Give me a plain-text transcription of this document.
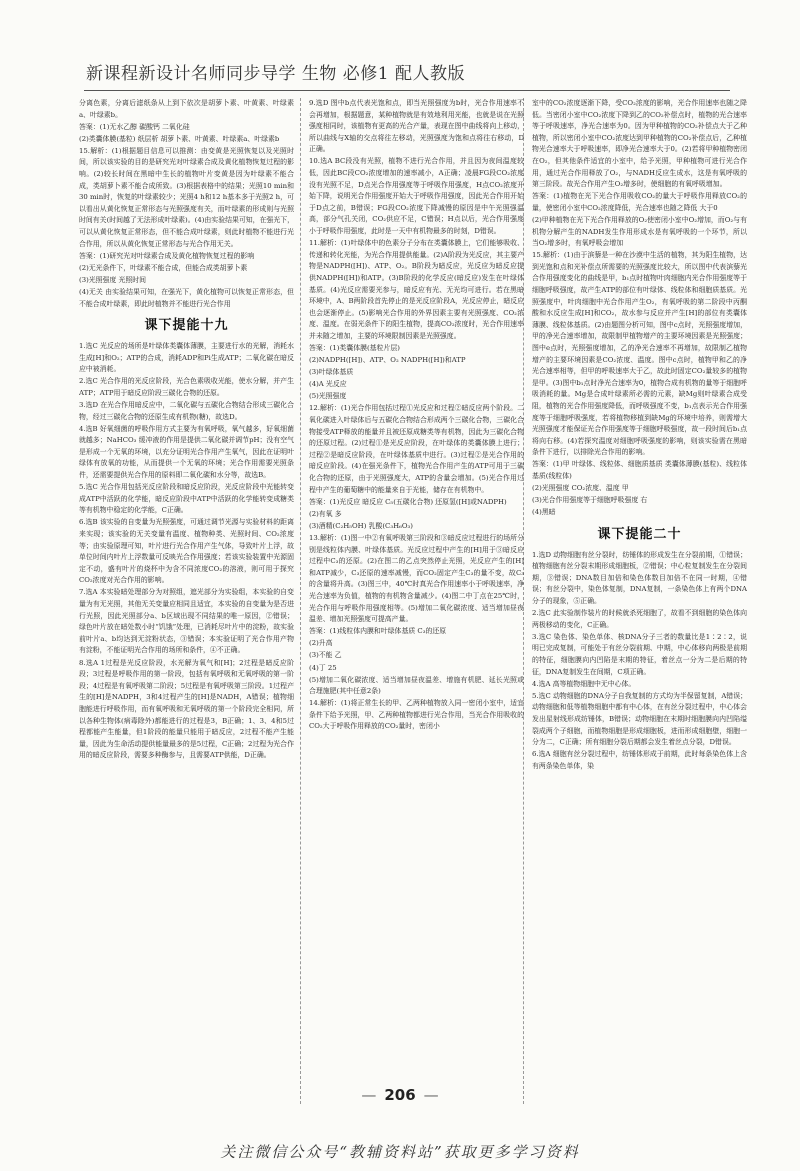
新课程新设计名师同步导学 生物 必修1 配人教版

分离色素，分离后滤纸条从上到下依次是胡萝卜素、叶黄素、叶绿素a、叶绿素b。

答案：(1)无水乙醇 碳酸钙 二氧化硅

(2)类囊体膜(基粒) 纸层析 胡萝卜素、叶黄素、叶绿素a、叶绿素b

15.解析：(1)根据题目信息可以推测：由变黄是光照恢复以及光照时间，所以该实验的目的是研究光对叶绿素合成及黄化植物恢复过程的影响。(2)较长时间在黑暗中生长的植物叶片变黄是因为叶绿素不能合成，类胡萝卜素不能合成所致。(3)根据表格中的结果；光照10 min和30 min时，恢复的叶绿素较少；光照4 h和12 h基本多于光照2 h，可以看出从黄化恢复正常形态与光照强度有关，而叶绿素的形成则与光照时间有关(时间越了无法形成叶绿素)。(4)由实验结果可知，在强光下，可以从黄化恢复正常形态，但不能合成叶绿素，则此时植物不能进行光合作用，所以从黄化恢复正常形态与光合作用无关。

答案：(1)研究光对叶绿素合成及黄化植物恢复过程的影响

(2)无光条件下，叶绿素不能合成，但能合成类胡萝卜素

(3)光照强度 光照时间

(4)无关 由实验结果可知，在强光下，黄化植物可以恢复正常形态，但不能合成叶绿素，即此时植物并不能进行光合作用

课下提能十九

1.选C 光反应的场所是叶绿体类囊体薄膜，主要进行水的光解，消耗水生成[H]和O₂；ATP的合成，消耗ADP和Pi生成ATP；二氧化碳在暗反应中被消耗。

2.选C 光合作用的光反应阶段，光合色素吸收光能，使水分解，并产生ATP；ATP用于暗反应阶段三碳化合物的还原。

3.选D 在光合作用暗反应中，二氧化碳与五碳化合物结合形成三碳化合物，经过三碳化合物的还原生成有机物(糖)，故选D。

4.选B 好氧细菌的呼吸作用方式主要为有氧呼吸，氧气越多，好氧细菌就越多；NaHCO₃ 缓冲液的作用是提供二氧化碳并调节pH；没有空气是形成一个无氧的环境，以充分证明光合作用产生氧气，因此在证明叶绿体有放氧的功能，从而提供一个无氧的环境；光合作用需要光照条件，还需要提供光合作用的原料即二氧化碳和水分等，故选B。

5.选C 光合作用包括光反应阶段和暗反应阶段，光反应阶段中光能转变成ATP中活跃的化学能，暗反应阶段中ATP中活跃的化学能转变成糖类等有机物中稳定的化学能，C正确。

6.选B 该实验的自变量为光照强度，可通过调节光源与实验材料的距离来实现；该实验的无关变量有温度、植物种类、光照时间、CO₂浓度等；由实验原理可知，叶片进行光合作用产生气体，导致叶片上浮，故单位时间内叶片上浮数量可反映光合作用强度；若该实验装置中光源固定不动，盛有叶片的烧杯中为含不同浓度CO₂的溶液，则可用于探究CO₂浓度对光合作用的影响。

7.选A 本实验暗处理部分为对照组，遮光部分为实验组，本实验的自变量为有无光照，其他无关变量应相同且适宜，本实验的自变量为是否进行光照，因此光照部分a、b区域出现不同结果的唯一原因，②错误；绿色叶片放在暗处数小时“饥饿”处理，已消耗尽叶片中的淀粉，故实验前叶片a、b均达到无淀粉状态，③错误；本实验证明了光合作用产物有淀粉，不能证明光合作用的场所和条件，④不正确。

8.选A 1过程是光反应阶段，水光解为氧气和[H]；2过程是暗反应阶段；3过程是呼吸作用的第一阶段，包括有氧呼吸和无氧呼吸的第一阶段；4过程是有氧呼吸第二阶段；5过程是有氧呼吸第三阶段。1过程产生的[H]是NADPH，3和4过程产生的[H]是NADH，A错误；植物细胞能进行呼吸作用，而有氧呼吸和无氧呼吸的第一个阶段完全相同，所以各种生物体(病毒除外)都能进行的过程是3，B正确；1、3、4和5过程都能产生能量，但1阶段的能量只能用于暗反应，2过程不能产生能量，因此为生命活动提供能量最多的是5过程，C正确；2过程为光合作用的暗反应阶段，需要多种酶参与，且需要ATP供能，D正确。

9.选D 图中b点代表光饱和点，即当光照强度为b时，光合作用速率不会再增加，根据题意，某种植物就是有效地利用光能，也就是说在光照强度相同时，该植物有更高的光合产量，表现在图中曲线将向上移动，所以曲线与X轴的交点将往左移动，光照强度为饱和点将往右移动，D正确。

10.选A BC段没有光照，植物不进行光合作用，并且因为夜间温度较低，因此BC段CO₂浓度增加的速率减小，A正确；凌晨FG段CO₂浓度没有光照不足，D点光合作用强度等于呼吸作用强度，H点CO₂浓度开始下降，说明光合作用强度开始大于呼吸作用强度，因此光合作用开始于D点之前，B错误；FG段CO₂浓度下降减慢的原因是中午光照强温高，部分气孔关闭，CO₂供应不足，C错误；H点以后，光合作用强度小于呼吸作用强度，此时是一天中有机物最多的时刻，D错误。

11.解析：(1)叶绿体中的色素分子分布在类囊体膜上，它们能够吸收、传递和转化光能，为光合作用提供能量。(2)A阶段为光反应，其主要产物是NADPH([H])、ATP、O₂。B阶段为暗反应，光反应为暗反应提供NADPH([H])和ATP。(3)B阶段的化学反应(暗反应)发生在叶绿体基质。(4)光反应需要光参与，暗反应有光、无光均可进行。若在黑暗环境中，A、B两阶段首先停止的是光反应阶段A，光反应停止，暗反应也会逐渐停止。(5)影响光合作用的外界因素主要有光照强度、CO₂浓度、温度。在弱光条件下的阳生植物，提高CO₂浓度时，光合作用速率并未随之增加，主要的环境限制因素是光照强度。

答案：(1)类囊体膜(基粒片层)

(2)NADPH([H])、ATP、O₂ NADPH([H])和ATP

(3)叶绿体基质

(4)A 光反应

(5)光照强度

12.解析：(1)光合作用包括过程①光反应和过程②暗反应两个阶段。二氧化碳进入叶绿体后与五碳化合物结合形成两个三碳化合物，三碳化合物接受ATP释放的能量并且被还原成糖类等有机物，因此为三碳化合物的还原过程。(2)过程①是光反应阶段，在叶绿体的类囊体膜上进行；过程②是暗反应阶段，在叶绿体基质中进行。(3)过程②是光合作用的暗反应阶段。(4)在强光条件下，植物光合作用产生的ATP可用于三碳化合物的还原，由于光照强度大，ATP的含量会增加。(5)光合作用过程中产生的葡萄糖中的能量来自于光能，储存在有机物中。

答案：(1)光反应 暗反应 C₅(五碳化合物) 还原氢([H]或NADPH)

(2)有氧 多

(3)酒精(C₂H₅OH) 乳酸(C₃H₆O₃)

13.解析：(1)图一中②有氧呼吸第三阶段和③暗反应过程进行的场所分别是线粒体内膜、叶绿体基质。光反应过程中产生的[H]用于③暗反应过程中C₃的还原。(2)在图二的乙点突然停止光照，光反应产生的[H]和ATP减少，C₃还原的速率减慢，而CO₂固定产生C₃的量不变，故C₃的含量将升高。(3)图三中，40℃时真光合作用速率小于呼吸速率，净光合速率为负值，植物的有机物含量减少。(4)图二中丁点在25℃时，光合作用与呼吸作用强度相等。(5)增加二氧化碳浓度、适当增加昼夜温差、增加光照强度可提高产量。

答案：(1)线粒体内膜和叶绿体基质 C₃的还原

(2)升高

(3)不能 乙

(4)丁 25

(5)增加二氧化碳浓度、适当增加昼夜温差、增施有机肥、延长光照或合理施肥(其中任意2条)

14.解析：(1)将正常生长的甲、乙两种植物放入同一密闭小室中，适宜条件下给予光照，甲、乙两种植物都进行光合作用，当光合作用吸收的CO₂大于呼吸作用释放的CO₂量时，密闭小

室中的CO₂浓度逐渐下降，受CO₂浓度的影响，光合作用速率也随之降低。当密闭小室中CO₂浓度下降到乙的CO₂补偿点时，植物的光合速率等于呼吸速率，净光合速率为0。因为甲种植物的CO₂补偿点大于乙种植物，所以密闭小室中CO₂浓度达到甲种植物的CO₂补偿点后，乙种植物光合速率大于呼吸速率，即净光合速率大于0。(2)若将甲种植物密闭在O₂，但其他条件适宜的小室中，给予光照，甲种植物可进行光合作用，通过光合作用释放了O₂，与NADH反应生成水，这是有氧呼吸的第三阶段。故光合作用产生O₂增多时，使细胞的有氧呼吸增加。

答案：(1)植物在光下光合作用吸收CO₂的量大于呼吸作用释放CO₂的量，使密闭小室中CO₂浓度降低，光合速率也随之降低 大于0

(2)甲种植物在光下光合作用释放的O₂使密闭小室中O₂增加，而O₂与有机物分解产生的NADH发生作用形成水是有氧呼吸的一个环节，所以当O₂增多时，有氧呼吸会增加

15.解析：(1)由于滨藜是一种在沙漠中生活的植物，其为阳生植物，达到光饱和点和光补偿点所需要的光照强度比较大，所以图中代表滨藜光合作用强度变化的曲线是甲，b₁点时植物叶肉细胞内光合作用强度等于细胞呼吸强度，故产生ATP的部位有叶绿体、线粒体和细胞质基质。光照强度中，叶肉细胞中光合作用产生O₂，有氧呼吸的第二阶段中丙酮酸和水反应生成[H]和CO₂，故水参与反应并产生[H]的部位有类囊体薄膜、线粒体基质。(2)由题图分析可知，图中c点时，光照强度增加，甲的净光合速率增加，故限制甲植物增产的主要环境因素是光照强度；图中e点时，光照强度增加，乙的净光合速率不再增加，故限制乙植物增产的主要环境因素是CO₂浓度、温度。图中c点时，植物甲和乙的净光合速率相等，但甲的呼吸速率大于乙，故此时固定CO₂量较多的植物是甲。(3)图中b₁点时净光合速率为0，植物合成有机物的量等于细胞呼吸消耗的量。Mg是合成叶绿素所必需的元素，缺Mg则叶绿素合成受阻，植物的光合作用强度降低，而呼吸强度不变，b₁点表示光合作用强度等于细胞呼吸强度，若将植物移植到缺Mg的环境中培养，则需增大光照强度才能保证光合作用强度等于细胞呼吸强度，故一段时间后b₁点将向右移。(4)若探究温度对细胞呼吸强度的影响，则该实验需在黑暗条件下进行，以排除光合作用的影响。

答案：(1)甲 叶绿体、线粒体、细胞质基质 类囊体薄膜(基粒)、线粒体基质(线粒体)

(2)光照强度 CO₂浓度、温度 甲

(3)光合作用强度等于细胞呼吸强度 右

(4)黑暗

课下提能二十

1.选D 动物细胞有丝分裂时，纺锤体的形成发生在分裂前期，①错误；植物细胞有丝分裂末期形成细胞板，②错误；中心粒复制发生在分裂间期，③错误；DNA数目加倍和染色体数目加倍不在同一时期，④错误；有丝分裂中，染色体复制，DNA复制，一条染色体上有两个DNA分子的现象，⑤正确。

2.选C 此实验制作装片的时候就杀死细胞了，故看不到细胞的染色体向两极移动的变化，C正确。

3.选C 染色体、染色单体、核DNA分子三者的数量比是1∶2∶2，说明已完成复制，可能处于有丝分裂前期、中期，中心体移向两极是前期的特征，细胞膜向内凹陷是末期的特征，着丝点一分为二是后期的特征，DNA复制发生在间期，C项正确。

4.选A 高等植物细胞中无中心体。

5.选C 动物细胞的DNA分子自我复制的方式均为半保留复制，A错误；动物细胞和低等植物细胞中都有中心体，在有丝分裂过程中，中心体会发出星射线形成纺锤体，B错误；动物细胞在末期时细胞膜向内凹陷缢裂成两个子细胞，而植物细胞是形成细胞板，进而形成细胞壁，细胞一分为二，C正确；所有细胞分裂后期都会发生着丝点分裂，D错误。

6.选A 细胞有丝分裂过程中，纺锤体形成于前期，此时每条染色体上含有两条染色单体，染

— 206 —
关注微信公众号“教辅资料站”获取更多学习资料
